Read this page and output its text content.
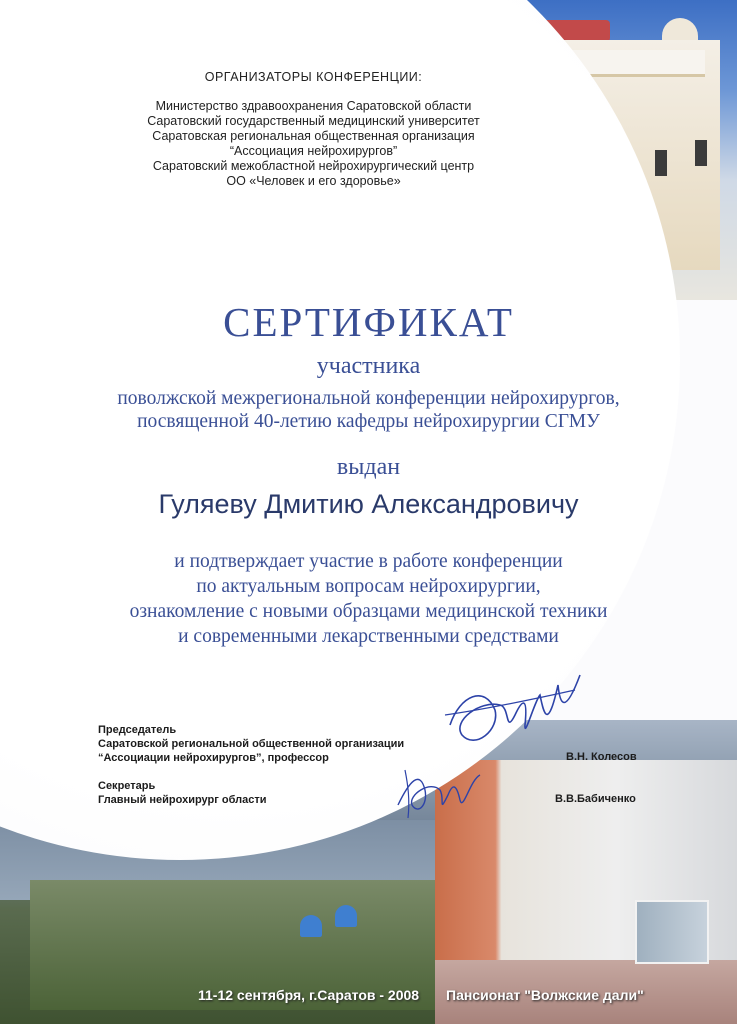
ОРГАНИЗАТОРЫ КОНФЕРЕНЦИИ:
Министерство здравоохранения Саратовской области
Саратовский государственный медицинский университет
Саратовская региональная общественная организация
“Ассоциация нейрохирургов”
Саратовский межобластной нейрохирургический центр
ОО «Человек и его здоровье»
СЕРТИФИКАТ
участника
поволжской межрегиональной конференции нейрохирургов,
посвященной 40-летию кафедры нейрохирургии СГМУ
выдан
Гуляеву Дмитию Александровичу
и подтверждает участие в работе конференции
по актуальным вопросам нейрохирургии,
ознакомление с новыми образцами медицинской техники
и современными лекарственными средствами
Председатель
Саратовской региональной общественной организации
“Ассоциации нейрохирургов”, профессор	В.Н. Колесов
Секретарь
Главный нейрохирург области	В.В.Бабиченко
11-12 сентября, г.Саратов - 2008 Пансионат "Волжские дали"
